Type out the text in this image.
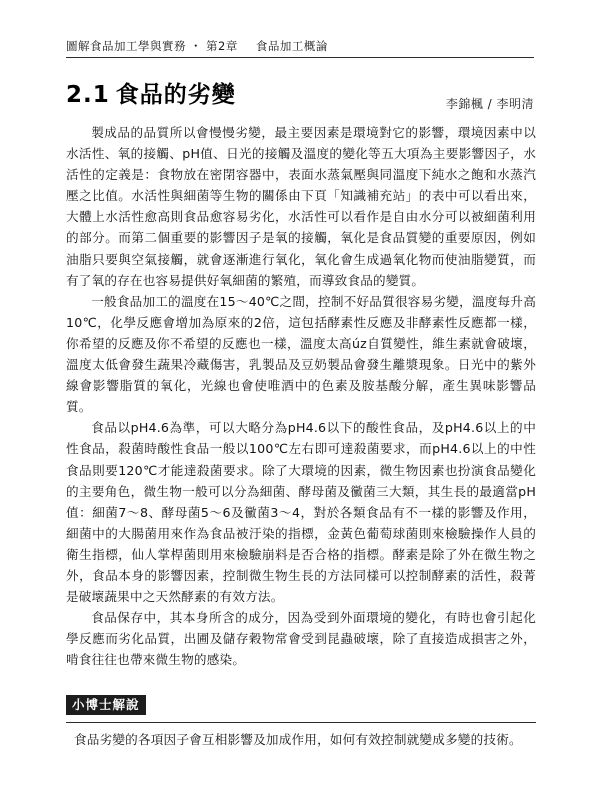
圖解食品加工學與實務 ・ 第2章 食品加工概論
2.1 食品的劣變	李錦楓 / 李明清

製成品的品質所以會慢慢劣變，最主要因素是環境對它的影響，環境因素中以水活性、氧的接觸、pH值、日光的接觸及溫度的變化等五大項為主要影響因子，水活性的定義是：食物放在密閉容器中，表面水蒸氣壓與同溫度下純水之飽和水蒸汽壓之比值。水活性與細菌等生物的關係由下頁「知識補充站」的表中可以看出來，大體上水活性愈高則食品愈容易劣化，水活性可以看作是自由水分可以被細菌利用的部分。而第二個重要的影響因子是氧的接觸，氧化是食品質變的重要原因，例如油脂只要與空氣接觸，就會逐漸進行氧化，氧化會生成過氧化物而使油脂變質，而有了氧的存在也容易提供好氧細菌的繁殖，而導致食品的變質。

一般食品加工的溫度在15～40℃之間，控制不好品質很容易劣變，溫度每升高10℃，化學反應會增加為原來的2倍，這包括酵素性反應及非酵素性反應都一樣，你希望的反應及你不希望的反應也一樣，溫度太高úz自質變性，維生素就會破壞，溫度太低會發生蔬果冷藏傷害，乳製品及豆奶製品會發生離漿現象。日光中的紫外線會影響脂質的氧化，光線也會使唯酒中的色素及胺基酸分解，產生異味影響品質。

食品以pH4.6為準，可以大略分為pH4.6以下的酸性食品，及pH4.6以上的中性食品，殺菌時酸性食品一般以100℃左右即可達殺菌要求，而pH4.6以上的中性食品則要120℃才能達殺菌要求。除了大環境的因素，微生物因素也扮演食品變化的主要角色，微生物一般可以分為細菌、酵母菌及黴菌三大類，其生長的最適當pH值：細菌7～8、酵母菌5～6及黴菌3～4，對於各類食品有不一樣的影響及作用，細菌中的大腸菌用來作為食品被汙染的指標，金黃色葡萄球菌則來檢驗操作人員的衛生指標，仙人掌桿菌則用來檢驗崩料是否合格的指標。酵素是除了外在微生物之外，食品本身的影響因素，控制微生物生長的方法同樣可以控制酵素的活性，殺菁是破壞蔬果中之天然酵素的有效方法。

食品保存中，其本身所含的成分，因為受到外面環境的變化，有時也會引起化學反應而劣化品質，出圃及儲存穀物常會受到昆蟲破壞，除了直接造成損害之外，啃食往往也帶來微生物的感染。

小博士解說
食品劣變的各項因子會互相影響及加成作用，如何有效控制就變成多變的技術。
